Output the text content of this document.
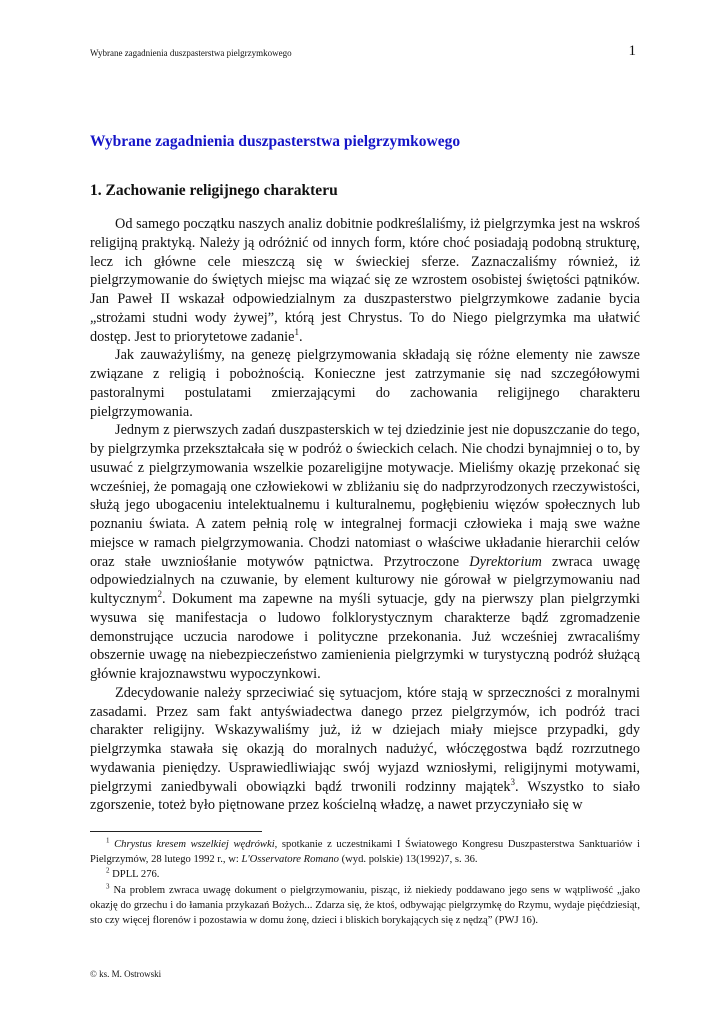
Wybrane zagadnienia duszpasterstwa pielgrzymkowego	1
Wybrane zagadnienia duszpasterstwa pielgrzymkowego
1. Zachowanie religijnego charakteru

Od samego początku naszych analiz dobitnie podkreślaliśmy, iż pielgrzymka jest na wskroś religijną praktyką. Należy ją odróżnić od innych form, które choć posiadają podobną strukturę, lecz ich główne cele mieszczą się w świeckiej sferze. Zaznaczaliśmy również, iż pielgrzymowanie do świętych miejsc ma wiązać się ze wzrostem osobistej świętości pątników. Jan Paweł II wskazał odpowiedzialnym za duszpasterstwo pielgrzymkowe zadanie bycia „strożami studni wody żywej”, którą jest Chrystus. To do Niego pielgrzymka ma ułatwić dostęp. Jest to priorytetowe zadanie$^1$.

Jak zauważyliśmy, na genezę pielgrzymowania składają się różne elementy nie zawsze związane z religią i pobożnością. Konieczne jest zatrzymanie się nad szczegółowymi pastoralnymi postulatami zmierzającymi do zachowania religijnego charakteru pielgrzymowania.

Jednym z pierwszych zadań duszpasterskich w tej dziedzinie jest nie dopuszczanie do tego, by pielgrzymka przekształcała się w podróż o świeckich celach. Nie chodzi bynajmniej o to, by usuwać z pielgrzymowania wszelkie pozareligijne motywacje. Mieliśmy okazję przekonać się wcześniej, że pomagają one człowiekowi w zbliżaniu się do nadprzyrodzonych rzeczywistości, służą jego ubogaceniu intelektualnemu i kulturalnemu, pogłębieniu więzów społecznych lub poznaniu świata. A zatem pełnią rolę w integralnej formacji człowieka i mają swe ważne miejsce w ramach pielgrzymowania. Chodzi natomiast o właściwe układanie hierarchii celów oraz stałe uwzniośłanie motywów pątnictwa. Przytroczone Dyrektorium zwraca uwagę odpowiedzialnych na czuwanie, by element kulturowy nie górował w pielgrzymowaniu nad kultycznym$^2$. Dokument ma zapewne na myśli sytuacje, gdy na pierwszy plan pielgrzymki wysuwa się manifestacja o ludowo folklorystycznym charakterze bądź zgromadzenie demonstrujące uczucia narodowe i polityczne przekonania. Już wcześniej zwracaliśmy obszernie uwagę na niebezpieczeństwo zamienienia pielgrzymki w turystyczną podróż służącą głównie krajoznawstwu wypoczynkowi.

Zdecydowanie należy sprzeciwiać się sytuacjom, które stają w sprzeczności z moralnymi zasadami. Przez sam fakt antyświadectwa danego przez pielgrzymów, ich podróż traci charakter religijny. Wskazywaliśmy już, iż w dziejach miały miejsce przypadki, gdy pielgrzymka stawała się okazją do moralnych nadużyć, włóczęgostwa bądź rozrzutnego wydawania pieniędzy. Usprawiedliwiając swój wyjazd wzniosłymi, religijnymi motywami, pielgrzymi zaniedbywali obowiązki bądź trwonili rodzinny majątek$^3$. Wszystko to siało zgorszenie, toteż było piętnowane przez kościelną władzę, a nawet przyczyniało się w

$^1$ Chrystus kresem wszelkiej wędrówki, spotkanie z uczestnikami I Światowego Kongresu Duszpasterstwa Sanktuariów i Pielgrzymów, 28 lutego 1992 r., w: L'Osservatore Romano (wyd. polskie) 13(1992)7, s. 36.

$^2$ DPLL 276.

$^3$ Na problem zwraca uwagę dokument o pielgrzymowaniu, pisząc, iż niekiedy poddawano jego sens w wątpliwość „jako okazję do grzechu i do łamania przykazań Bożych... Zdarza się, że ktoś, odbywając pielgrzymkę do Rzymu, wydaje pięćdziesiąt, sto czy więcej florenów i pozostawia w domu żonę, dzieci i bliskich borykających się z nędzą” (PWJ 16).

© ks. M. Ostrowski
